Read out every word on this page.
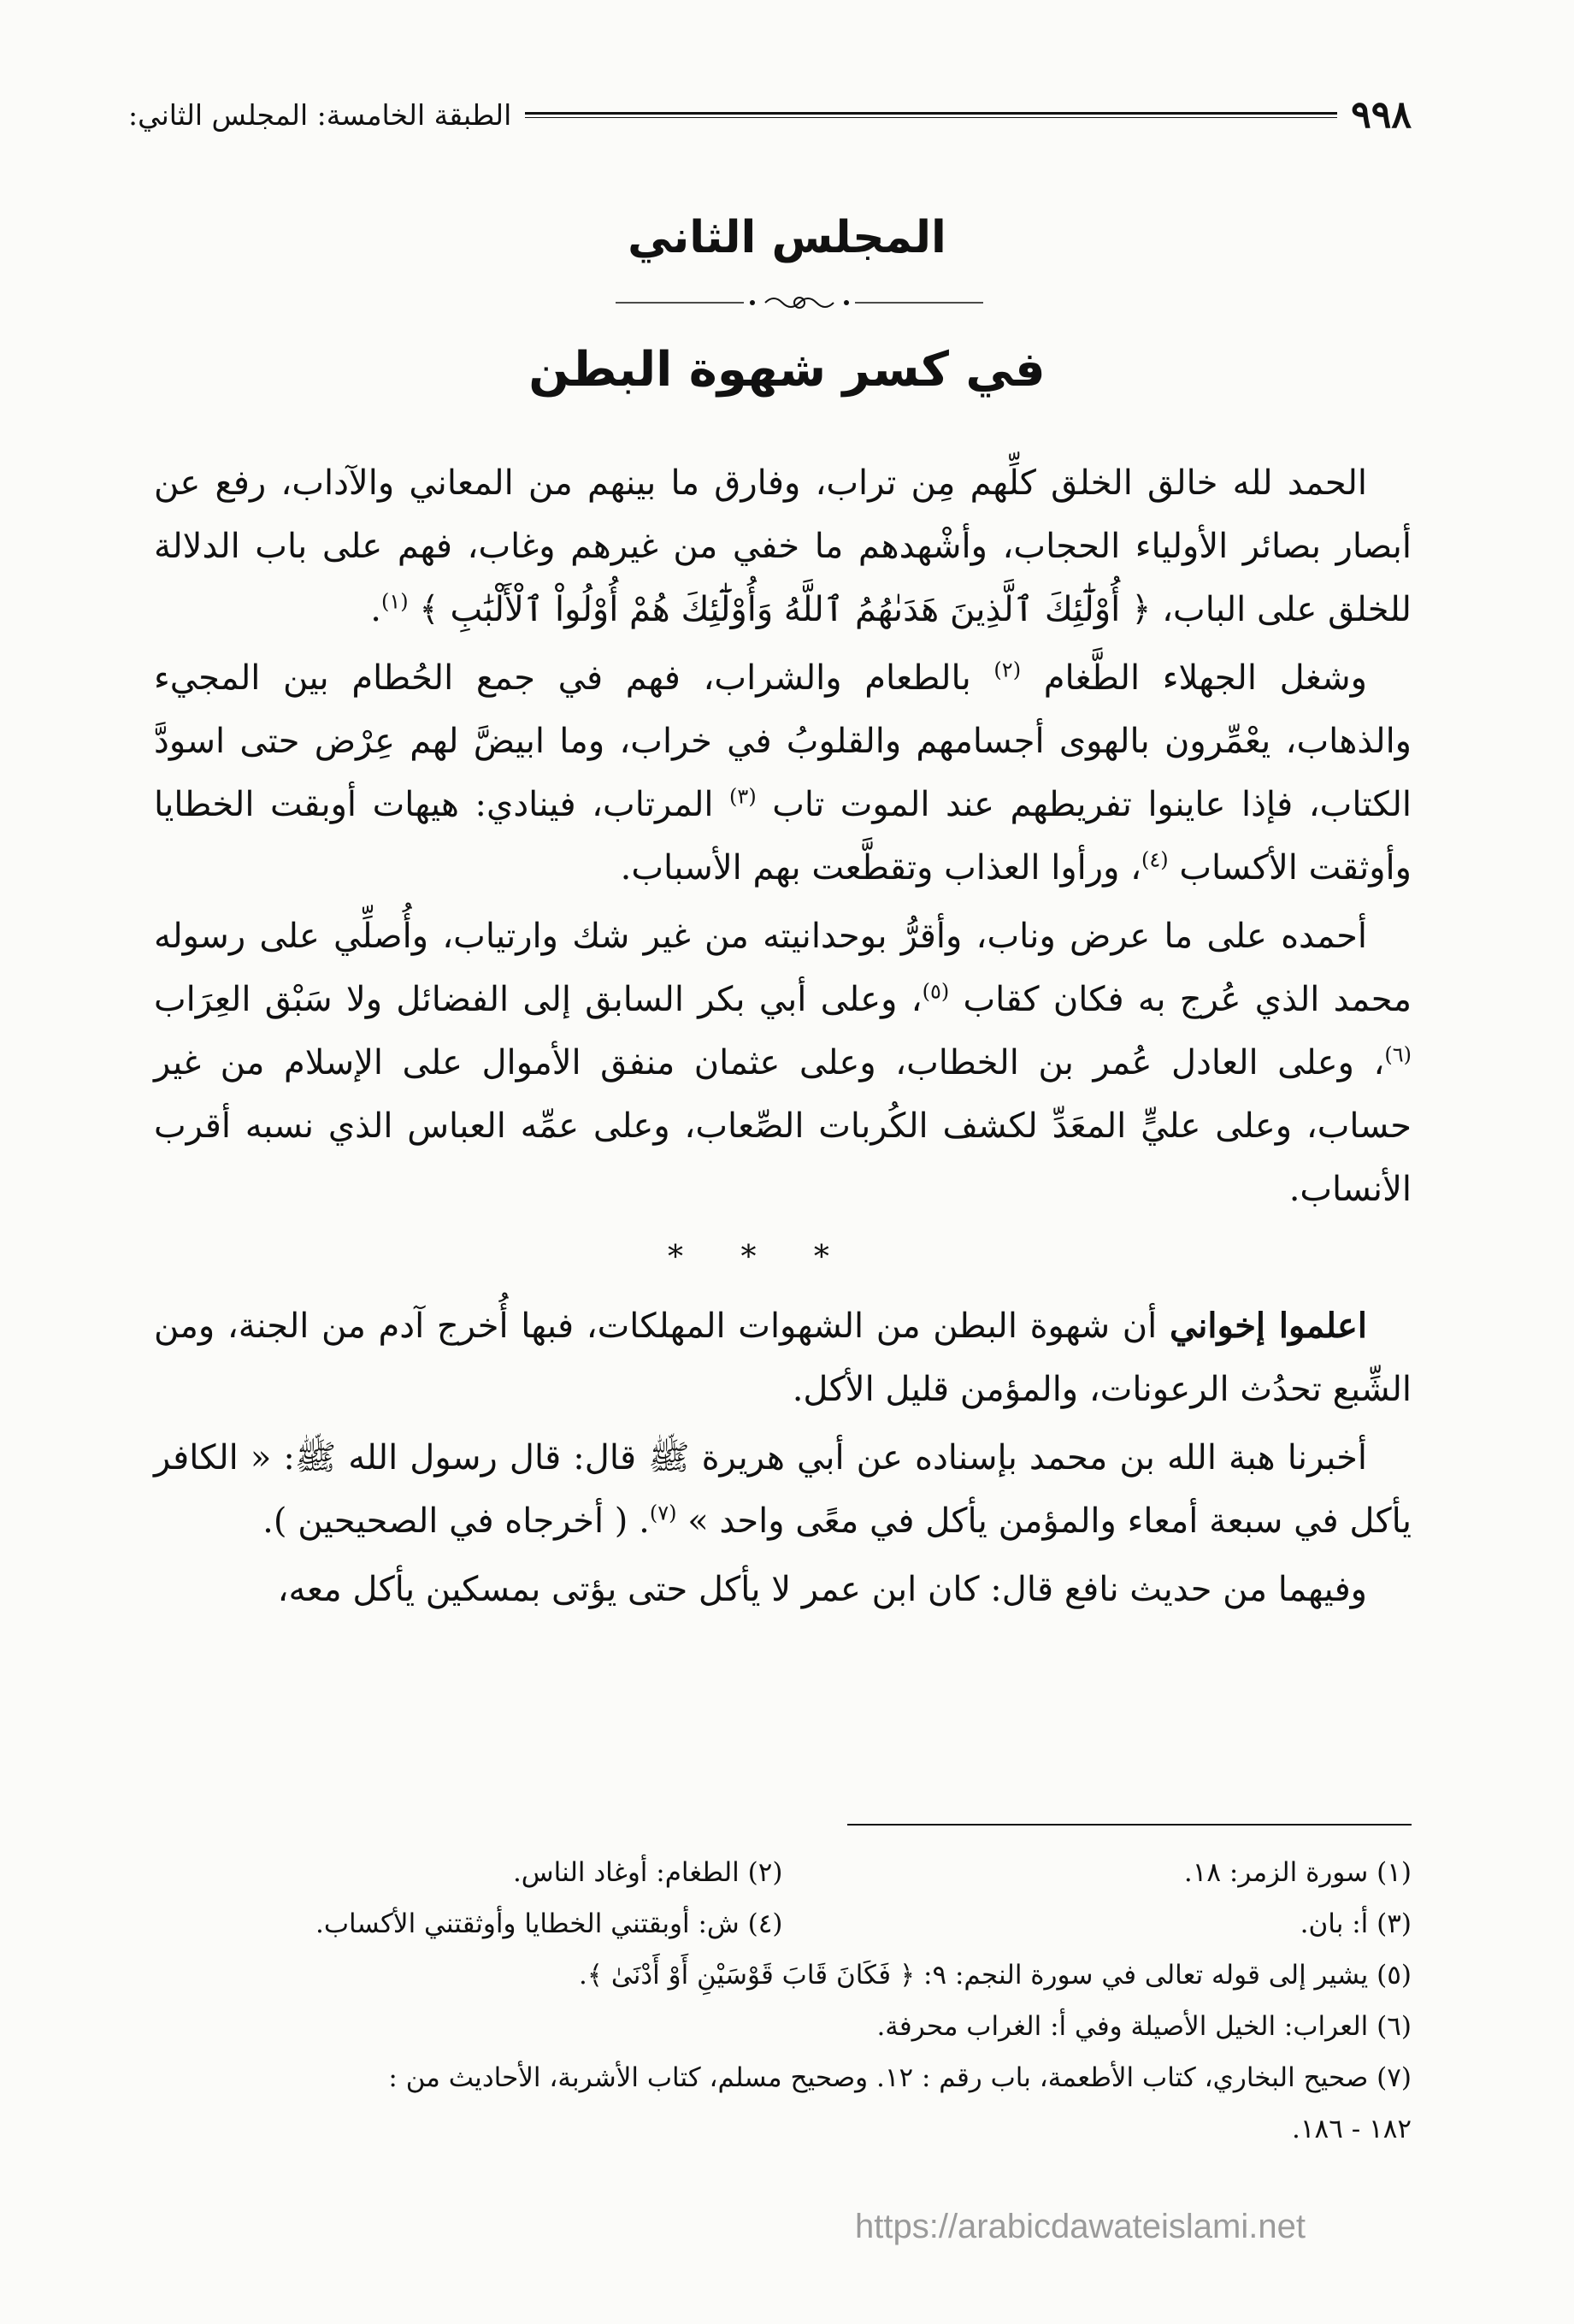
٩٩٨
الطبقة الخامسة: المجلس الثاني:
المجلس الثاني
في كسر شهوة البطن

الحمد لله خالق الخلق كلِّهم مِن تراب، وفارق ما بينهم من المعاني والآداب، رفع عن أبصار بصائر الأولياء الحجاب، وأشْهدهم ما خفي من غيرهم وغاب، فهم على باب الدلالة للخلق على الباب، ﴿ أُوْلَٰٓئِكَ ٱلَّذِينَ هَدَىٰهُمُ ٱللَّهُ وَأُوْلَٰٓئِكَ هُمْ أُوْلُواْ ٱلْأَلْبَٰبِ ﴾ $^{(١)}$.

وشغل الجهلاء الطَّغام $^{(٢)}$ بالطعام والشراب، فهم في جمع الحُطام بين المجيء والذهاب، يعْمِّرون بالهوى أجسامهم والقلوبُ في خراب، وما ابيضَّ لهم عِرْض حتى اسودَّ الكتاب، فإذا عاينوا تفريطهم عند الموت تاب $^{(٣)}$ المرتاب، فينادي: هيهات أوبقت الخطايا وأوثقت الأكساب $^{(٤)}$، ورأوا العذاب وتقطَّعت بهم الأسباب.

أحمده على ما عرض وناب، وأقرُّ بوحدانيته من غير شك وارتياب، وأُصلِّي على رسوله محمد الذي عُرج به فكان كقاب $^{(٥)}$، وعلى أبي بكر السابق إلى الفضائل ولا سَبْق العِرَاب $^{(٦)}$، وعلى العادل عُمر بن الخطاب، وعلى عثمان منفق الأموال على الإسلام من غير حساب، وعلى عليٍّ المعَدِّ لكشف الكُربات الصِّعاب، وعلى عمِّه العباس الذي نسبه أقرب الأنساب.

* * *

اعلموا إخواني أن شهوة البطن من الشهوات المهلكات، فبها أُخرج آدم من الجنة، ومن الشِّبع تحدُث الرعونات، والمؤمن قليل الأكل.

أخبرنا هبة الله بن محمد بإسناده عن أبي هريرة ﷺ قال: قال رسول الله ﷺ: « الكافر يأكل في سبعة أمعاء والمؤمن يأكل في معًى واحد » $^{(٧)}$. ( أخرجاه في الصحيحين ).

وفيهما من حديث نافع قال: كان ابن عمر لا يأكل حتى يؤتى بمسكين يأكل معه،

(١) سورة الزمر: ١٨.
(٢) الطغام: أوغاد الناس.
(٣) أ: بان.
(٤) ش: أوبقتني الخطايا وأوثقتني الأكساب.
(٥) يشير إلى قوله تعالى في سورة النجم: ٩: ﴿ فَكَانَ قَابَ قَوْسَيْنِ أَوْ أَدْنَىٰ ﴾.
(٦) العراب: الخيل الأصيلة وفي أ: الغراب محرفة.
(٧) صحيح البخاري، كتاب الأطعمة، باب رقم : ١٢. وصحيح مسلم، كتاب الأشربة، الأحاديث من :
١٨٢ - ١٨٦.
https://arabicdawateislami.net
